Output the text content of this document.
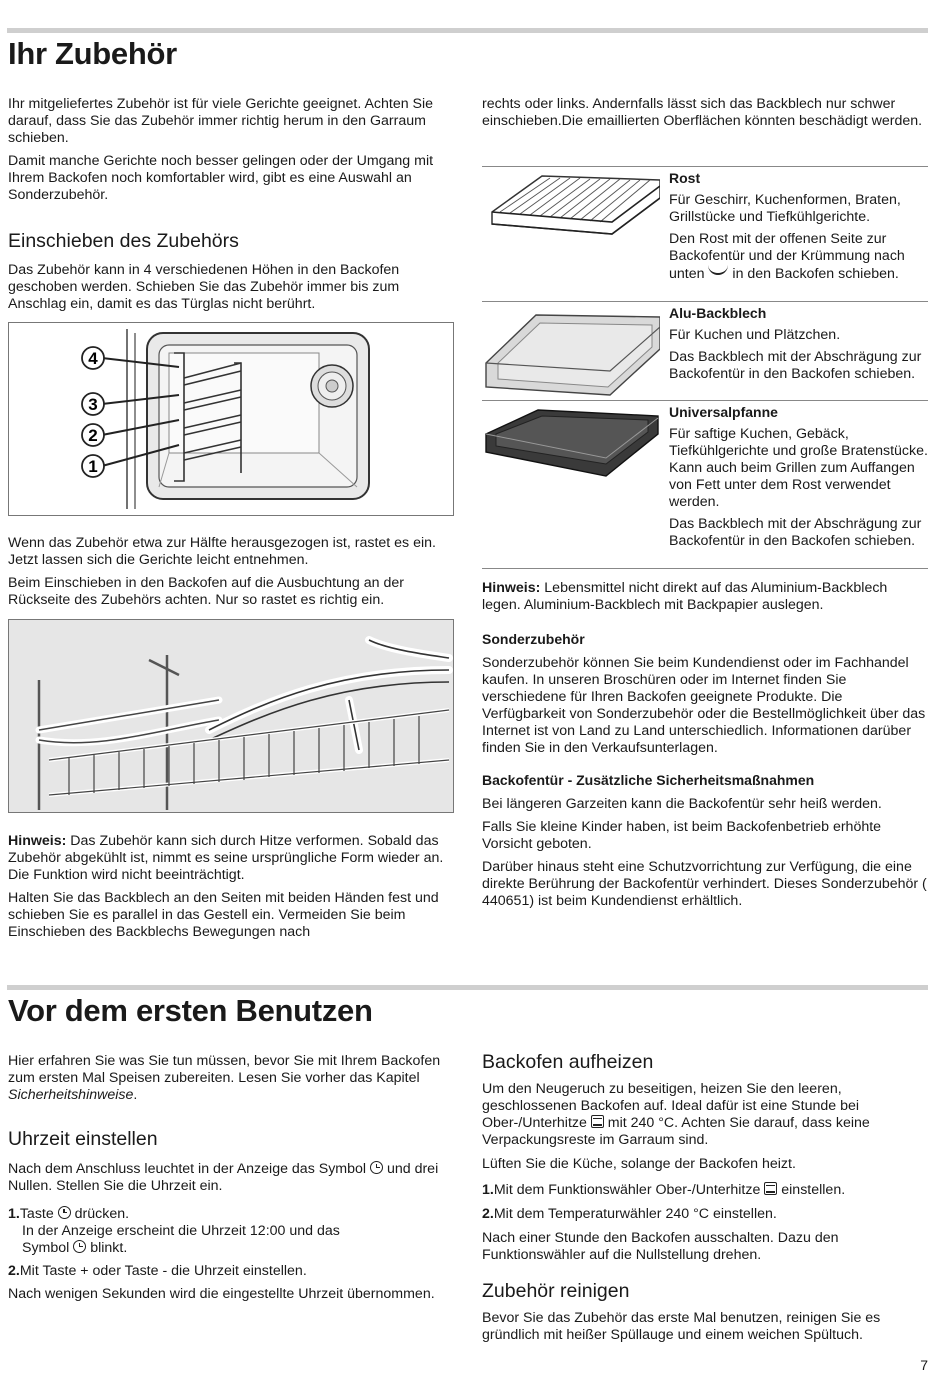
Ihr Zubehör

Ihr mitgeliefertes Zubehör ist für viele Gerichte geeignet. Achten Sie darauf, dass Sie das Zubehör immer richtig herum in den Garraum schieben.

Damit manche Gerichte noch besser gelingen oder der Umgang mit Ihrem Backofen noch komfortabler wird, gibt es eine Auswahl an Sonderzubehör.

Einschieben des Zubehörs

Das Zubehör kann in 4 verschiedenen Höhen in den Backofen geschoben werden. Schieben Sie das Zubehör immer bis zum Anschlag ein, damit es das Türglas nicht berührt.

4
3
2
1

Wenn das Zubehör etwa zur Hälfte herausgezogen ist, rastet es ein. Jetzt lassen sich die Gerichte leicht entnehmen.

Beim Einschieben in den Backofen auf die Ausbuchtung an der Rückseite des Zubehörs achten. Nur so rastet es richtig ein.

Hinweis: Das Zubehör kann sich durch Hitze verformen. Sobald das Zubehör abgekühlt ist, nimmt es seine ursprüngliche Form wieder an. Die Funktion wird nicht beeinträchtigt.

Halten Sie das Backblech an den Seiten mit beiden Händen fest und schieben Sie es parallel in das Gestell ein. Vermeiden Sie beim Einschieben des Backblechs Bewegungen nach

rechts oder links. Andernfalls lässt sich das Backblech nur schwer einschieben.Die emaillierten Oberflächen könnten beschädigt werden.

Rost

Für Geschirr, Kuchenformen, Braten, Grillstücke und Tiefkühlgerichte.

Den Rost mit der offenen Seite zur Backofentür und der Krümmung nach unten  in den Backofen schieben.

Alu-Backblech

Für Kuchen und Plätzchen.

Das Backblech mit der Abschrägung zur Backofentür in den Backofen schieben.

Universalpfanne

Für saftige Kuchen, Gebäck, Tiefkühlgerichte und große Bratenstücke. Kann auch beim Grillen zum Auffangen von Fett unter dem Rost verwendet werden.

Das Backblech mit der Abschrägung zur Backofentür in den Backofen schieben.

Hinweis: Lebensmittel nicht direkt auf das Aluminium-Backblech legen. Aluminium-Backblech mit Backpapier auslegen.

Sonderzubehör

Sonderzubehör können Sie beim Kundendienst oder im Fachhandel kaufen. In unseren Broschüren oder im Internet finden Sie verschiedene für Ihren Backofen geeignete Produkte. Die Verfügbarkeit von Sonderzubehör oder die Bestellmöglichkeit über das Internet ist von Land zu Land unterschiedlich. Informationen darüber finden Sie in den Verkaufsunterlagen.

Backofentür - Zusätzliche Sicherheitsmaßnahmen

Bei längeren Garzeiten kann die Backofentür sehr heiß werden.

Falls Sie kleine Kinder haben, ist beim Backofenbetrieb erhöhte Vorsicht geboten.

Darüber hinaus steht eine Schutzvorrichtung zur Verfügung, die eine direkte Berührung der Backofentür verhindert. Dieses Sonderzubehör ( 440651) ist beim Kundendienst erhältlich.

Vor dem ersten Benutzen

Hier erfahren Sie was Sie tun müssen, bevor Sie mit Ihrem Backofen zum ersten Mal Speisen zubereiten. Lesen Sie vorher das Kapitel Sicherheitshinweise.

Uhrzeit einstellen

Nach dem Anschluss leuchtet in der Anzeige das Symbol und drei Nullen. Stellen Sie die Uhrzeit ein.

1.Taste drücken.
In der Anzeige erscheint die Uhrzeit 12:00 und das
Symbol blinkt.

2.Mit Taste + oder Taste - die Uhrzeit einstellen.

Nach wenigen Sekunden wird die eingestellte Uhrzeit übernommen.

Backofen aufheizen

Um den Neugeruch zu beseitigen, heizen Sie den leeren, geschlossenen Backofen auf. Ideal dafür ist eine Stunde bei Ober-/Unterhitze mit 240 °C. Achten Sie darauf, dass keine Verpackungsreste im Garraum sind.

Lüften Sie die Küche, solange der Backofen heizt.

1.Mit dem Funktionswähler Ober-/Unterhitze einstellen.

2.Mit dem Temperaturwähler 240 °C einstellen.

Nach einer Stunde den Backofen ausschalten. Dazu den Funktionswähler auf die Nullstellung drehen.

Zubehör reinigen

Bevor Sie das Zubehör das erste Mal benutzen, reinigen Sie es gründlich mit heißer Spüllauge und einem weichen Spültuch.

7
